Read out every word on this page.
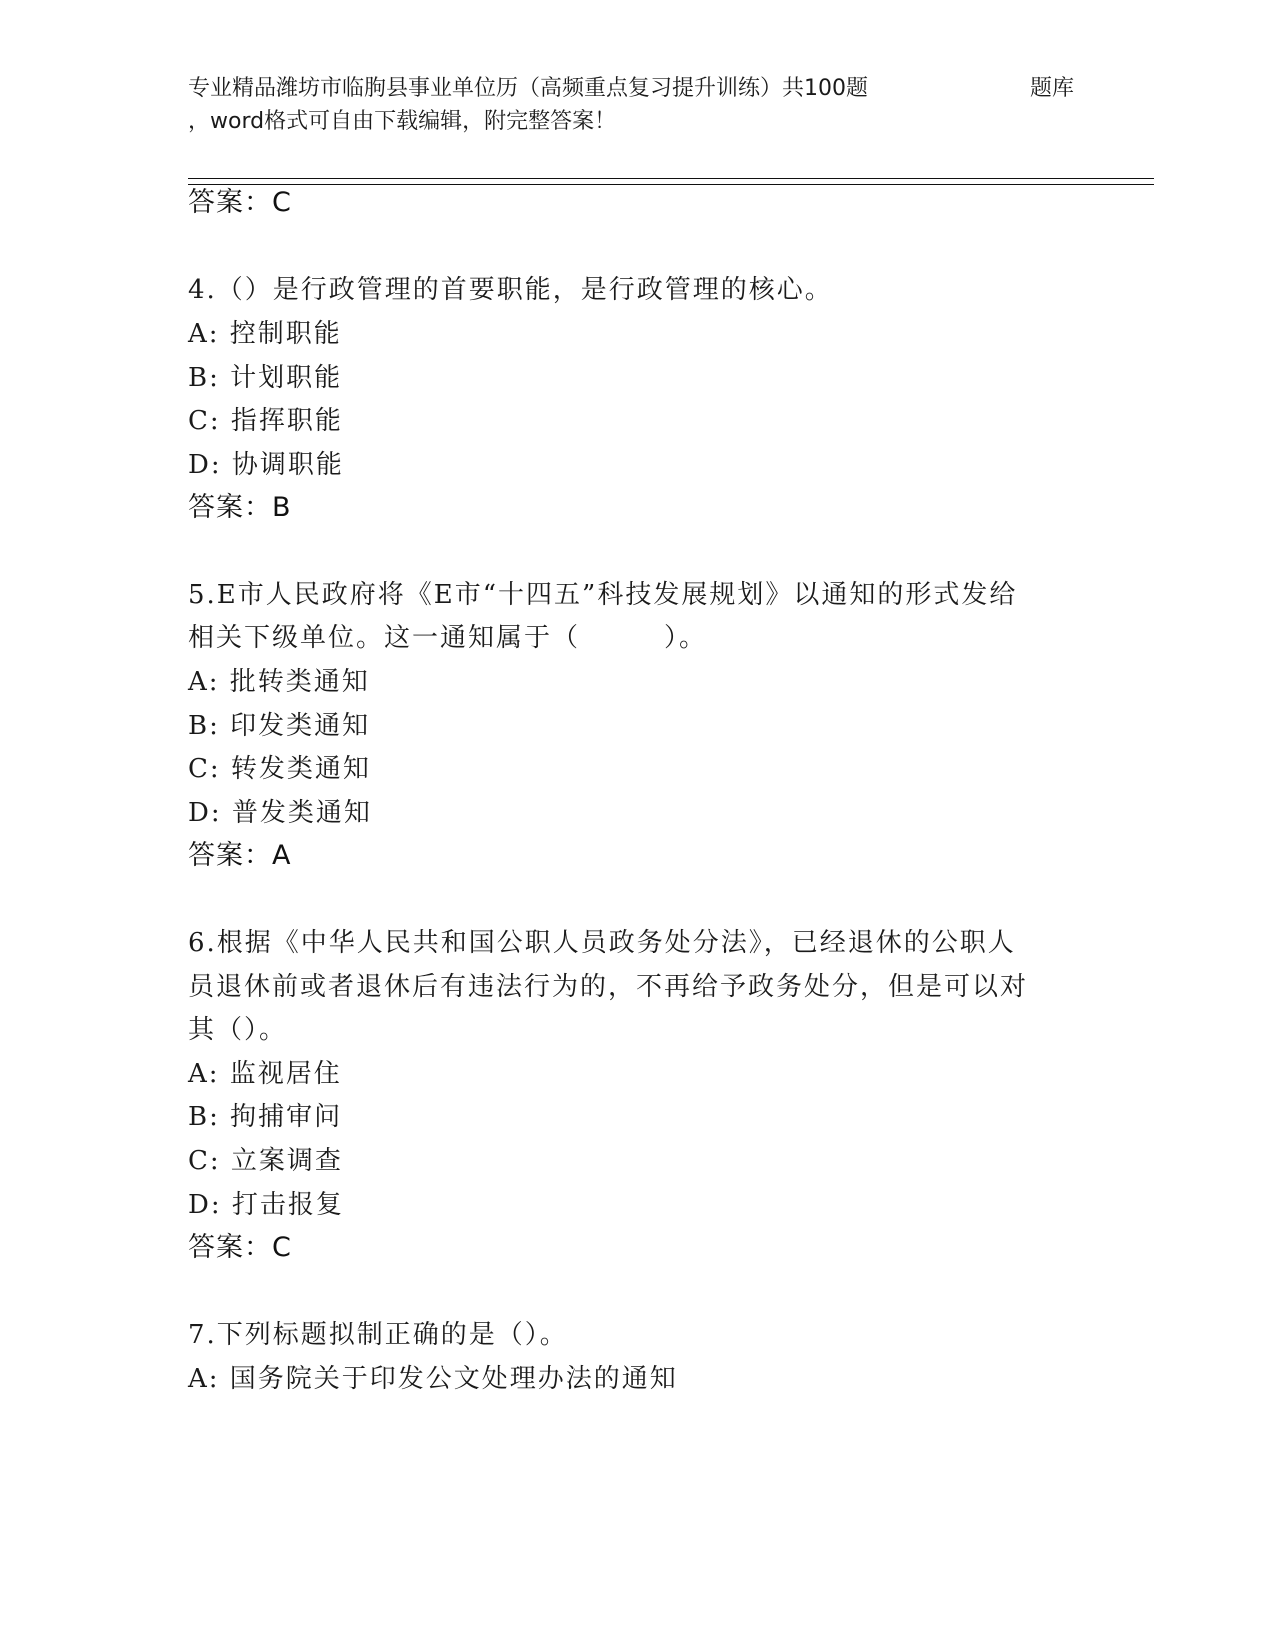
专业精品潍坊市临朐县事业单位历（高频重点复习提升训练）共100题	题库
，word格式可自由下载编辑，附完整答案！
答案：C
4.（）是行政管理的首要职能，是行政管理的核心。
A: 控制职能
B: 计划职能
C: 指挥职能
D: 协调职能
答案：B
5.E市人民政府将《E市“十四五”科技发展规划》以通知的形式发给
相关下级单位。这一通知属于（　　　）。
A: 批转类通知
B: 印发类通知
C: 转发类通知
D: 普发类通知
答案：A
6.根据《中华人民共和国公职人员政务处分法》，已经退休的公职人
员退休前或者退休后有违法行为的，不再给予政务处分，但是可以对
其（）。
A: 监视居住
B: 拘捕审问
C: 立案调查
D: 打击报复
答案：C
7.下列标题拟制正确的是（）。
A: 国务院关于印发公文处理办法的通知
